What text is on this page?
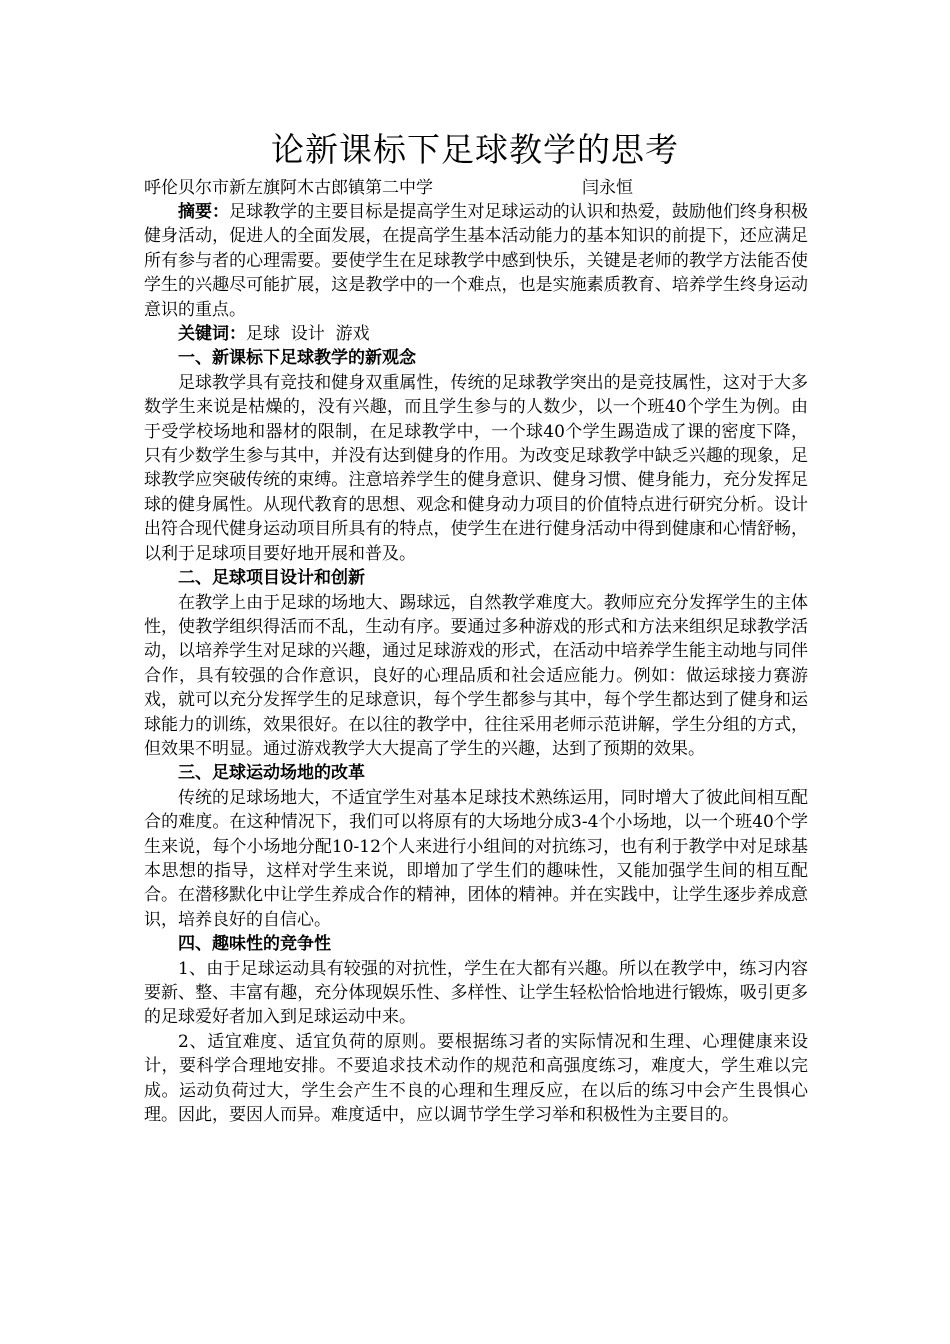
论新课标下足球教学的思考
呼伦贝尔市新左旗阿木古郎镇第二中学	闫永恒

摘要：足球教学的主要目标是提高学生对足球运动的认识和热爱，鼓励他们终身积极健身活动，促进人的全面发展，在提高学生基本活动能力的基本知识的前提下，还应满足所有参与者的心理需要。要使学生在足球教学中感到快乐，关键是老师的教学方法能否使学生的兴趣尽可能扩展，这是教学中的一个难点，也是实施素质教育、培养学生终身运动意识的重点。

关键词：足球  设计  游戏

一、新课标下足球教学的新观念

足球教学具有竞技和健身双重属性，传统的足球教学突出的是竞技属性，这对于大多数学生来说是枯燥的，没有兴趣，而且学生参与的人数少，以一个班40个学生为例。由于受学校场地和器材的限制，在足球教学中，一个球40个学生踢造成了课的密度下降，只有少数学生参与其中，并没有达到健身的作用。为改变足球教学中缺乏兴趣的现象，足球教学应突破传统的束缚。注意培养学生的健身意识、健身习惯、健身能力，充分发挥足球的健身属性。从现代教育的思想、观念和健身动力项目的价值特点进行研究分析。设计出符合现代健身运动项目所具有的特点，使学生在进行健身活动中得到健康和心情舒畅，以利于足球项目要好地开展和普及。

二、足球项目设计和创新

在教学上由于足球的场地大、踢球远，自然教学难度大。教师应充分发挥学生的主体性，使教学组织得活而不乱，生动有序。要通过多种游戏的形式和方法来组织足球教学活动，以培养学生对足球的兴趣，通过足球游戏的形式，在活动中培养学生能主动地与同伴合作，具有较强的合作意识，良好的心理品质和社会适应能力。例如：做运球接力赛游戏，就可以充分发挥学生的足球意识，每个学生都参与其中，每个学生都达到了健身和运球能力的训练，效果很好。在以往的教学中，往往采用老师示范讲解，学生分组的方式，但效果不明显。通过游戏教学大大提高了学生的兴趣，达到了预期的效果。

三、足球运动场地的改革

传统的足球场地大，不适宜学生对基本足球技术熟练运用，同时增大了彼此间相互配合的难度。在这种情况下，我们可以将原有的大场地分成3-4个小场地，以一个班40个学生来说，每个小场地分配10-12个人来进行小组间的对抗练习，也有利于教学中对足球基本思想的指导，这样对学生来说，即增加了学生们的趣味性，又能加强学生间的相互配合。在潜移默化中让学生养成合作的精神，团体的精神。并在实践中，让学生逐步养成意识，培养良好的自信心。

四、趣味性的竞争性

1、由于足球运动具有较强的对抗性，学生在大都有兴趣。所以在教学中，练习内容要新、整、丰富有趣，充分体现娱乐性、多样性、让学生轻松恰恰地进行锻炼，吸引更多的足球爱好者加入到足球运动中来。

2、适宜难度、适宜负荷的原则。要根据练习者的实际情况和生理、心理健康来设计，要科学合理地安排。不要追求技术动作的规范和高强度练习，难度大，学生难以完成。运动负荷过大，学生会产生不良的心理和生理反应，在以后的练习中会产生畏惧心理。因此，要因人而异。难度适中，应以调节学生学习举和积极性为主要目的。
